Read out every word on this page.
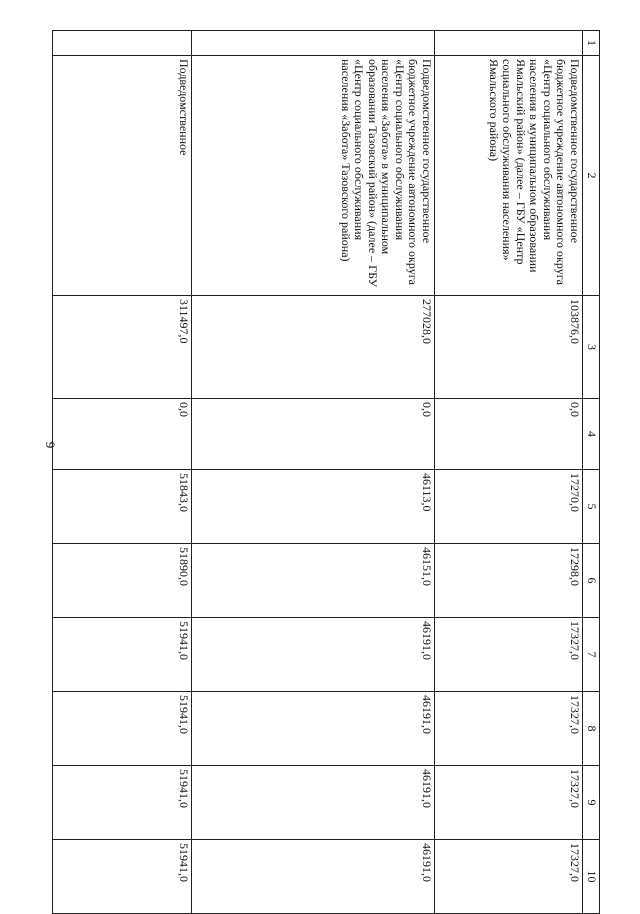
9
1	2	3	4	5	6	7	8	9	10
	Подведомственное государственное бюджетное учреждение автономного округа «Центр социального обслуживания населения в муниципальном образовании Ямальский район» (далее – ГБУ «Центр социального обслуживания населения» Ямальского района)	103876,0	0,0	17270,0	17298,0	17327,0	17327,0	17327,0	17327,0
	Подведомственное государственное бюджетное учреждение автономного округа «Центр социального обслуживания населения «Забота» в муниципальном образовании Тазовский район» (далее – ГБУ «Центр социального обслуживания населения «Забота» Тазовского района)	277028,0	0,0	46113,0	46151,0	46191,0	46191,0	46191,0	46191,0
	Подведомственное	311497,0	0,0	51843,0	51890,0	51941,0	51941,0	51941,0	51941,0
